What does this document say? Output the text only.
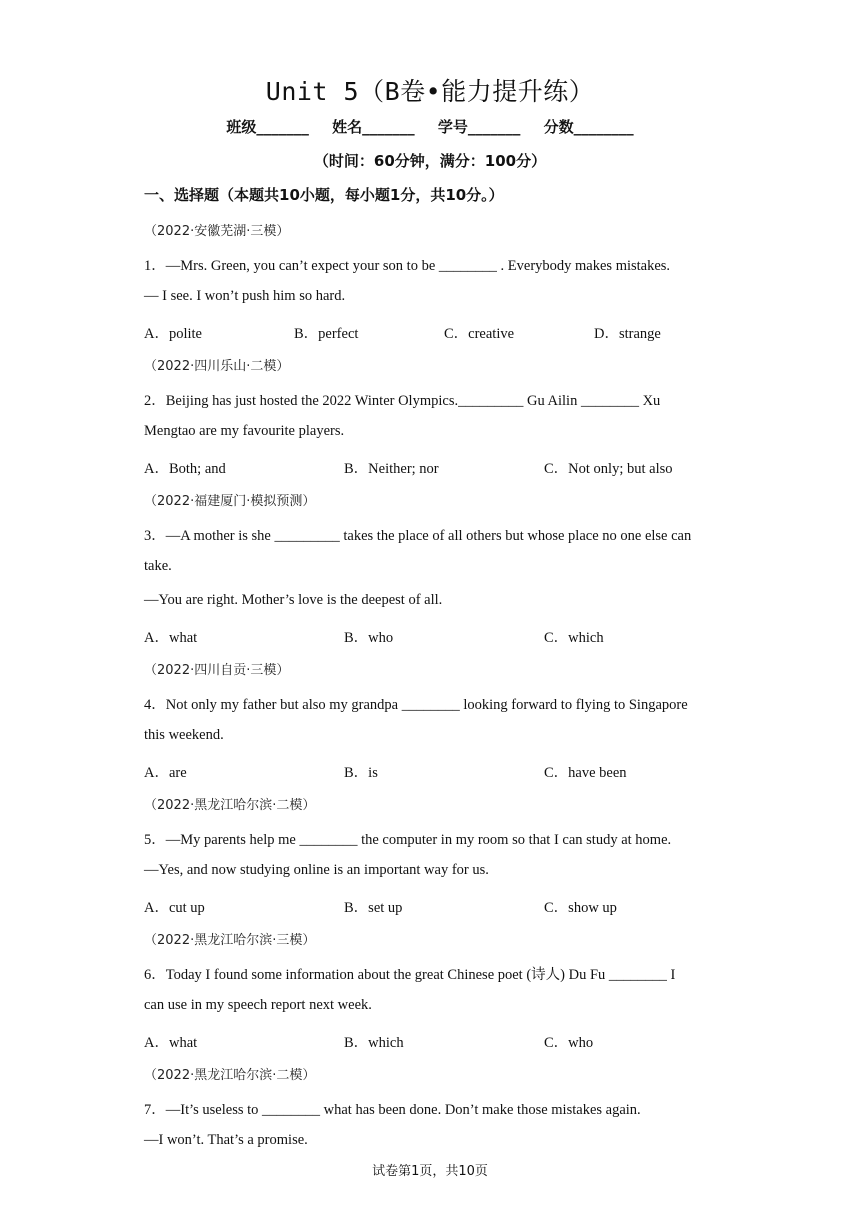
Unit 5（B卷•能力提升练）
班级_______ 姓名_______ 学号_______ 分数________
（时间：60分钟，满分：100分）
一、选择题（本题共10小题，每小题1分，共10分。）
（2022·安徽芜湖·三模）
1．—Mrs. Green, you can’t expect your son to be ________ . Everybody makes mistakes.
— I see. I won’t push him so hard.
A．polite	B．perfect	C．creative	D．strange
（2022·四川乐山·二模）
2．Beijing has just hosted the 2022 Winter Olympics._________ Gu Ailin ________ Xu
Mengtao are my favourite players.
A．Both; and	B．Neither; nor	C．Not only; but also
（2022·福建厦门·模拟预测）
3．—A mother is she _________ takes the place of all others but whose place no one else can
take.
—You are right. Mother’s love is the deepest of all.
A．what	B．who	C．which
（2022·四川自贡·三模）
4．Not only my father but also my grandpa ________ looking forward to flying to Singapore
this weekend.
A．are	B．is	C．have been
（2022·黑龙江哈尔滨·二模）
5．—My parents help me ________ the computer in my room so that I can study at home.
—Yes, and now studying online is an important way for us.
A．cut up	B．set up	C．show up
（2022·黑龙江哈尔滨·三模）
6．Today I found some information about the great Chinese poet (诗人) Du Fu ________ I
can use in my speech report next week.
A．what	B．which	C．who
（2022·黑龙江哈尔滨·二模）
7．—It’s useless to ________ what has been done. Don’t make those mistakes again.
—I won’t. That’s a promise.
试卷第1页，共10页
